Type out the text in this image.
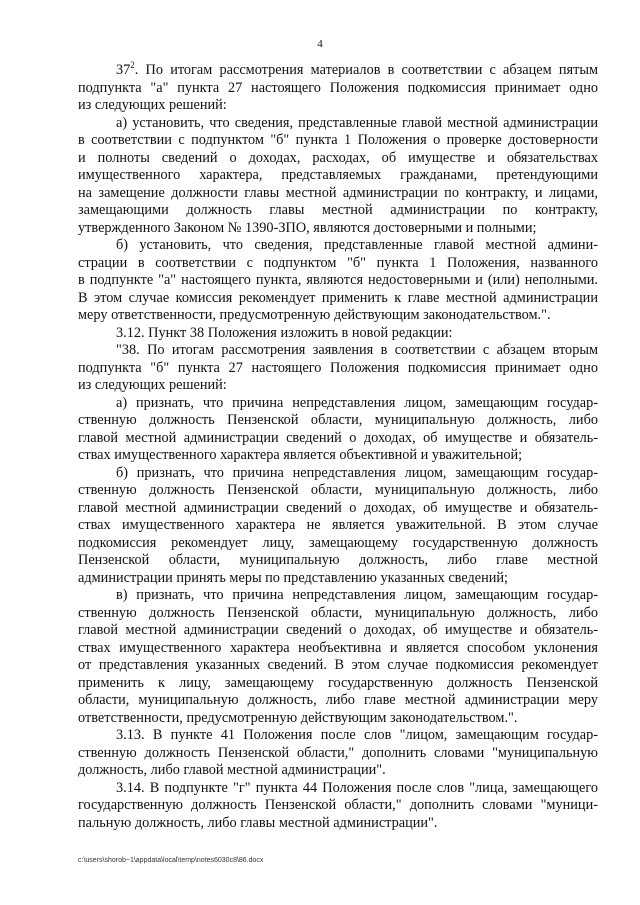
4
$37^2$. По итогам рассмотрения материалов в соответствии с абзацем пятым
подпункта "а" пункта 27 настоящего Положения подкомиссия принимает одно
из следующих решений:
а) установить, что сведения, представленные главой местной администрации
в соответствии с подпунктом "б" пункта 1 Положения о проверке достоверности
и полноты сведений о доходах, расходах, об имуществе и обязательствах
имущественного характера, представляемых гражданами, претендующими
на замещение должности главы местной администрации по контракту, и лицами,
замещающими должность главы местной администрации по контракту,
утвержденного Законом № 1390-ЗПО, являются достоверными и полными;
б) установить, что сведения, представленные главой местной админи-
страции в соответствии с подпунктом "б" пункта 1 Положения, названного
в подпункте "а" настоящего пункта, являются недостоверными и (или) неполными.
В этом случае комиссия рекомендует применить к главе местной администрации
меру ответственности, предусмотренную действующим законодательством.".
3.12. Пункт 38 Положения изложить в новой редакции:
"38. По итогам рассмотрения заявления в соответствии с абзацем вторым
подпункта "б" пункта 27 настоящего Положения подкомиссия принимает одно
из следующих решений:
а) признать, что причина непредставления лицом, замещающим государ-
ственную должность Пензенской области, муниципальную должность, либо
главой местной администрации сведений о доходах, об имуществе и обязатель-
ствах имущественного характера является объективной и уважительной;
б) признать, что причина непредставления лицом, замещающим государ-
ственную должность Пензенской области, муниципальную должность, либо
главой местной администрации сведений о доходах, об имуществе и обязатель-
ствах имущественного характера не является уважительной. В этом случае
подкомиссия рекомендует лицу, замещающему государственную должность
Пензенской области, муниципальную должность, либо главе местной
администрации принять меры по представлению указанных сведений;
в) признать, что причина непредставления лицом, замещающим государ-
ственную должность Пензенской области, муниципальную должность, либо
главой местной администрации сведений о доходах, об имуществе и обязатель-
ствах имущественного характера необъективна и является способом уклонения
от представления указанных сведений. В этом случае подкомиссия рекомендует
применить к лицу, замещающему государственную должность Пензенской
области, муниципальную должность, либо главе местной администрации меру
ответственности, предусмотренную действующим законодательством.".
3.13. В пункте 41 Положения после слов "лицом, замещающим государ-
ственную должность Пензенской области," дополнить словами "муниципальную
должность, либо главой местной администрации".
3.14. В подпункте "г" пункта 44 Положения после слов "лица, замещающего
государственную должность Пензенской области," дополнить словами "муници-
пальную должность, либо главы местной администрации".
c:\users\shorob~1\appdata\local\temp\notes6030c8\86.docx
